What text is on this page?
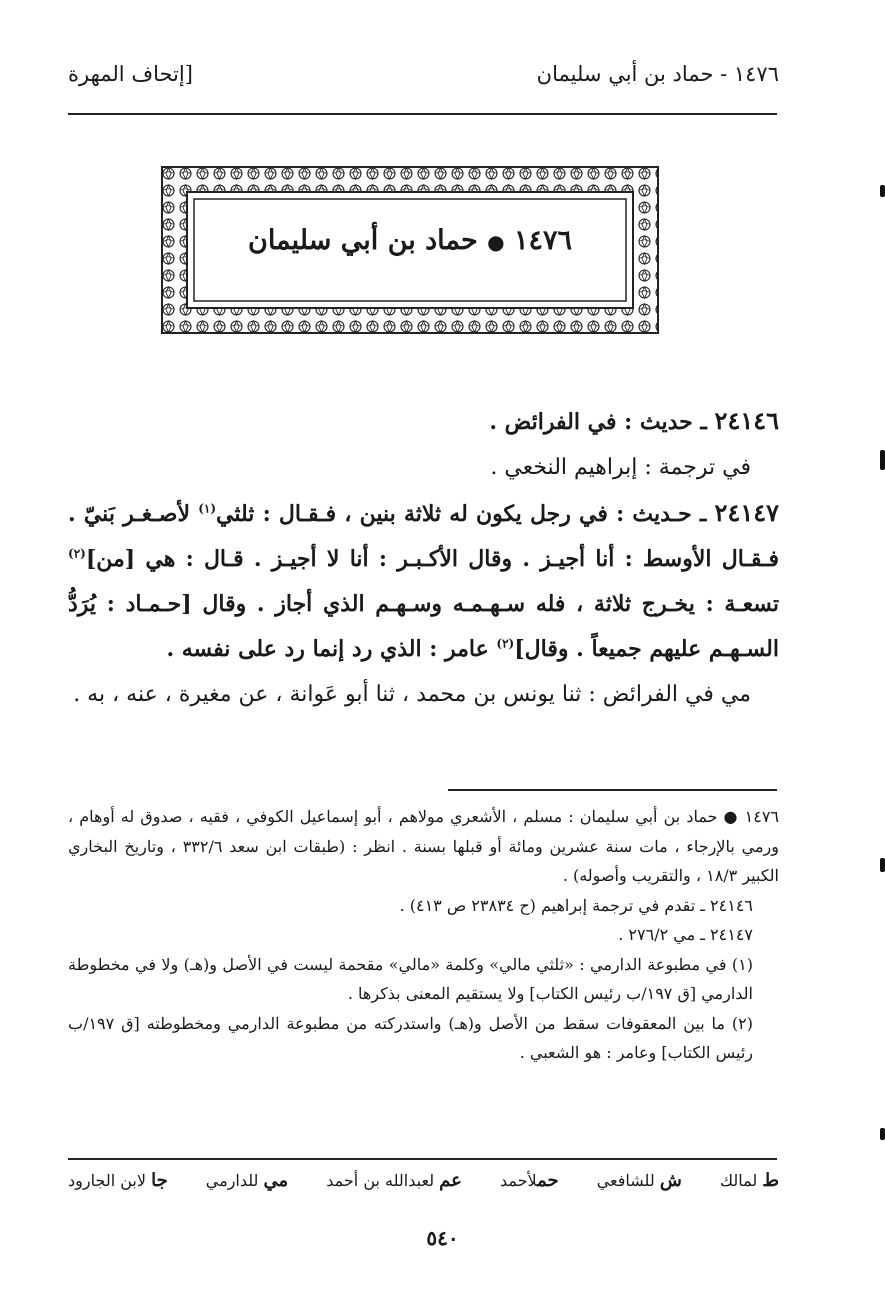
١٤٧٦ - حماد بن أبي سليمان
[إتحاف المهرة
١٤٧٦ ● حماد بن أبي سليمان

٢٤١٤٦ ـ حديث : في الفرائض .

في ترجمة : إبراهيم النخعي .

٢٤١٤٧ ـ حـديث : في رجل يكون له ثلاثة بنين ، فـقـال : ثلثي$^{(١)}$ لأصـغـر بَنيّ . فـقـال الأوسط : أنا أجيـز . وقال الأكـبـر : أنا لا أجيـز . قـال : هي [من]$^{(٢)}$ تسعـة : يخـرج ثلاثة ، فله سـهـمـه وسـهـم الذي أجاز . وقال [حـمـاد : يُرَدُّ السـهـم عليهم جميعاً . وقال]$^{(٢)}$ عامر : الذي رد إنما رد على نفسه .

مي في الفرائض : ثنا يونس بن محمد ، ثنا أبو عَوانة ، عن مغيرة ، عنه ، به .

١٤٧٦ ● حماد بن أبي سليمان : مسلم ، الأشعري مولاهم ، أبو إسماعيل الكوفي ، فقيه ، صدوق له أوهام ، ورمي بالإرجاء ، مات سنة عشرين ومائة أو قبلها بسنة . انظر : (طبقات ابن سعد ٣٣٢/٦ ، وتاريخ البخاري الكبير ١٨/٣ ، والتقريب وأصوله) .

٢٤١٤٦ ـ تقدم في ترجمة إبراهيم (ح ٢٣٨٣٤ ص ٤١٣) .

٢٤١٤٧ ـ مي ٢٧٦/٢ .

(١) في مطبوعة الدارمي : «ثلثي مالي» وكلمة «مالي» مقحمة ليست في الأصل و(هـ) ولا في مخطوطة الدارمي [ق ١٩٧/ب رئيس الكتاب] ولا يستقيم المعنى بذكرها .

(٢) ما بين المعقوفات سقط من الأصل و(هـ) واستدركته من مطبوعة الدارمي ومخطوطته [ق ١٩٧/ب رئيس الكتاب] وعامر : هو الشعبي .

ط لمالك
ش للشافعي
حملأحمد
عم لعبدالله بن أحمد
مي للدارمي
جا لابن الجارود
٥٤٠
